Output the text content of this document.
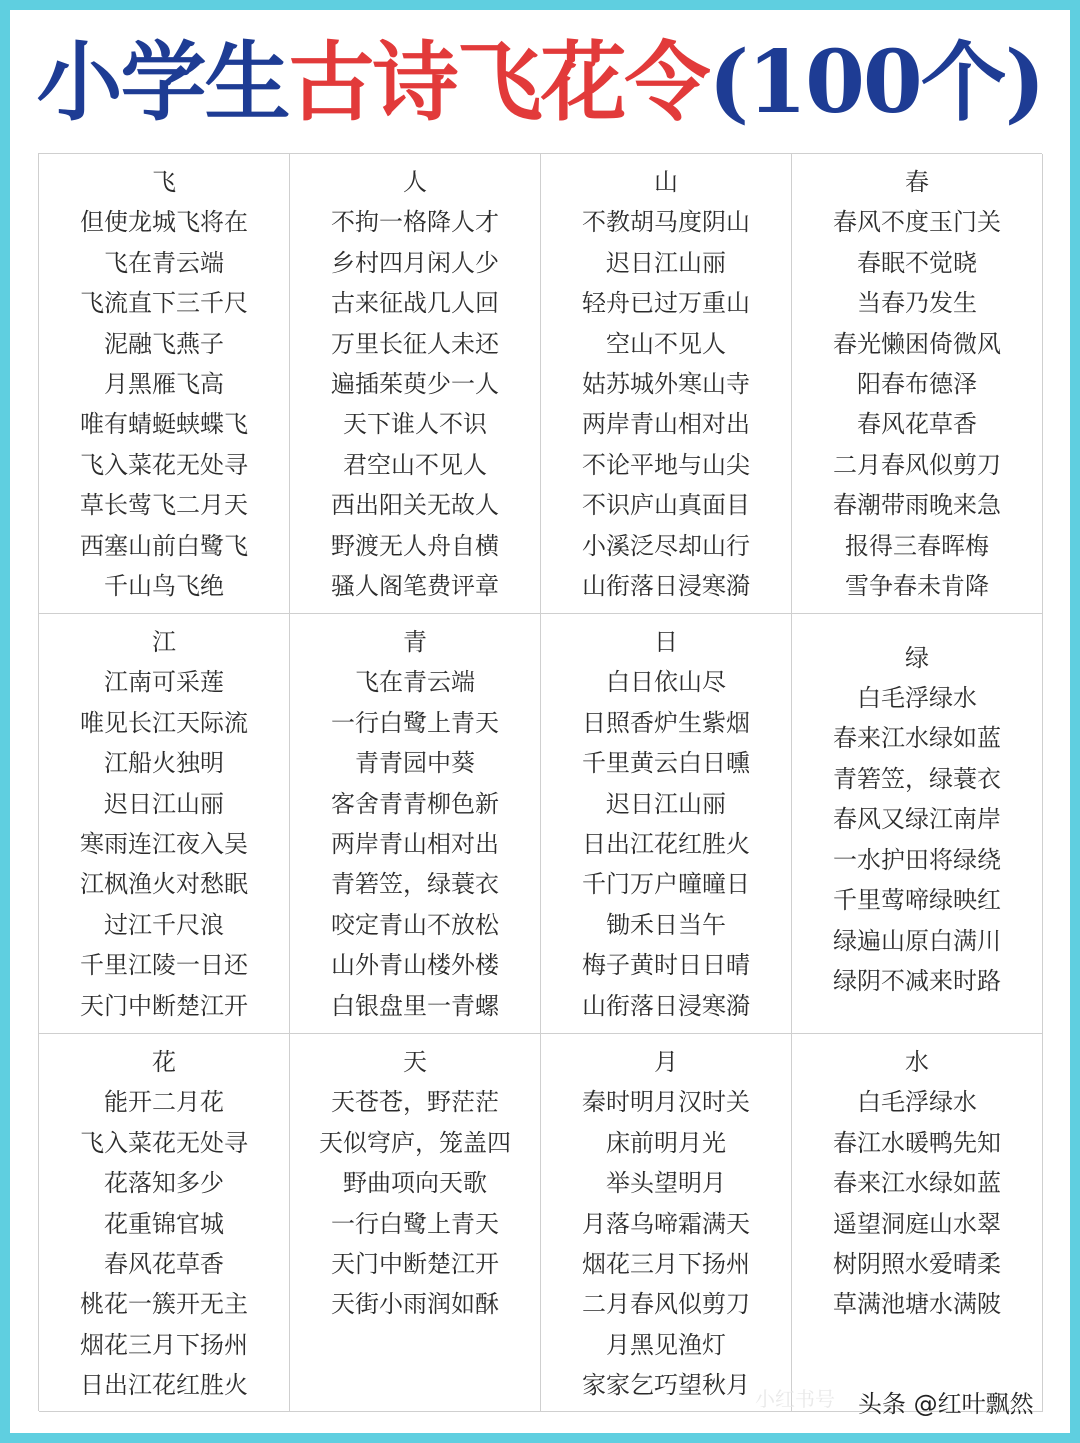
小学生古诗飞花令(100个)
飞
但使龙城飞将在
飞在青云端
飞流直下三千尺
泥融飞燕子
月黑雁飞高
唯有蜻蜓蛱蝶飞
飞入菜花无处寻
草长莺飞二月天
西塞山前白鹭飞
千山鸟飞绝
人
不拘一格降人才
乡村四月闲人少
古来征战几人回
万里长征人未还
遍插茱萸少一人
天下谁人不识
君空山不见人
西出阳关无故人
野渡无人舟自横
骚人阁笔费评章
山
不教胡马度阴山
迟日江山丽
轻舟已过万重山
空山不见人
姑苏城外寒山寺
两岸青山相对出
不论平地与山尖
不识庐山真面目
小溪泛尽却山行
山衔落日浸寒漪
春
春风不度玉门关
春眠不觉晓
当春乃发生
春光懒困倚微风
阳春布德泽
春风花草香
二月春风似剪刀
春潮带雨晚来急
报得三春晖梅
雪争春未肯降
江
江南可采莲
唯见长江天际流
江船火独明
迟日江山丽
寒雨连江夜入吴
江枫渔火对愁眠
过江千尺浪
千里江陵一日还
天门中断楚江开
青
飞在青云端
一行白鹭上青天
青青园中葵
客舍青青柳色新
两岸青山相对出
青箬笠，绿蓑衣
咬定青山不放松
山外青山楼外楼
白银盘里一青螺
日
白日依山尽
日照香炉生紫烟
千里黄云白日曛
迟日江山丽
日出江花红胜火
千门万户曈曈日
锄禾日当午
梅子黄时日日晴
山衔落日浸寒漪
绿
白毛浮绿水
春来江水绿如蓝
青箬笠，绿蓑衣
春风又绿江南岸
一水护田将绿绕
千里莺啼绿映红
绿遍山原白满川
绿阴不减来时路
花
能开二月花
飞入菜花无处寻
花落知多少
花重锦官城
春风花草香
桃花一簇开无主
烟花三月下扬州
日出江花红胜火
天
天苍苍，野茫茫
天似穹庐，笼盖四
野曲项向天歌
一行白鹭上青天
天门中断楚江开
天街小雨润如酥
月
秦时明月汉时关
床前明月光
举头望明月
月落乌啼霜满天
烟花三月下扬州
二月春风似剪刀
月黑见渔灯
家家乞巧望秋月
水
白毛浮绿水
春江水暖鸭先知
春来江水绿如蓝
遥望洞庭山水翠
树阴照水爱晴柔
草满池塘水满陂
小红书号 头条 @红叶飘然
